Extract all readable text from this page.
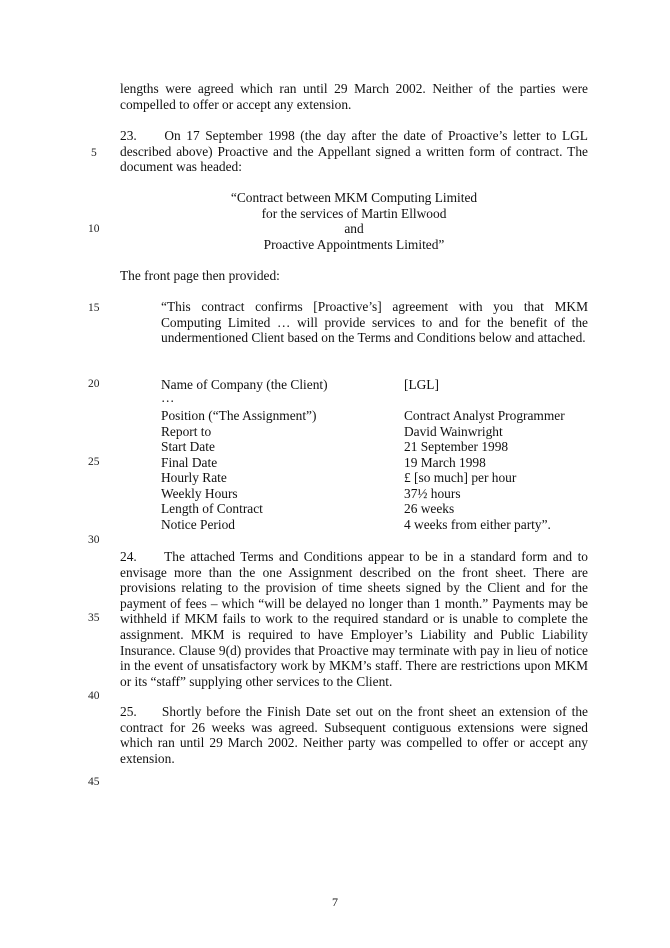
5
10
15
20
25
30
35
40
45

lengths were agreed which ran until 29 March 2002. Neither of the parties were compelled to offer or accept any extension.

23.     On 17 September 1998 (the day after the date of Proactive’s letter to LGL described above) Proactive and the Appellant signed a written form of contract. The document was headed:

“Contract between MKM Computing Limited
for the services of Martin Ellwood
and
Proactive Appointments Limited”

The front page then provided:

“This contract confirms [Proactive’s] agreement with you that MKM Computing Limited … will provide services to and for the benefit of the undermentioned Client based on the Terms and Conditions below and attached.

Name of Company (the Client)	[LGL]
…
Position (“The Assignment”)	Contract Analyst Programmer
Report to	David Wainwright
Start Date	21 September 1998
Final Date	19 March 1998
Hourly Rate	£ [so much] per hour
Weekly Hours	37½ hours
Length of Contract	26 weeks
Notice Period	4 weeks from either party”.

24.     The attached Terms and Conditions appear to be in a standard form and to envisage more than the one Assignment described on the front sheet. There are provisions relating to the provision of time sheets signed by the Client and for the payment of fees – which “will be delayed no longer than 1 month.” Payments may be withheld if MKM fails to work to the required standard or is unable to complete the assignment. MKM is required to have Employer’s Liability and Public Liability Insurance. Clause 9(d) provides that Proactive may terminate with pay in lieu of notice in the event of unsatisfactory work by MKM’s staff. There are restrictions upon MKM or its “staff” supplying other services to the Client.

25.     Shortly before the Finish Date set out on the front sheet an extension of the contract for 26 weeks was agreed. Subsequent contiguous extensions were signed which ran until 29 March 2002. Neither party was compelled to offer or accept any extension.

7
